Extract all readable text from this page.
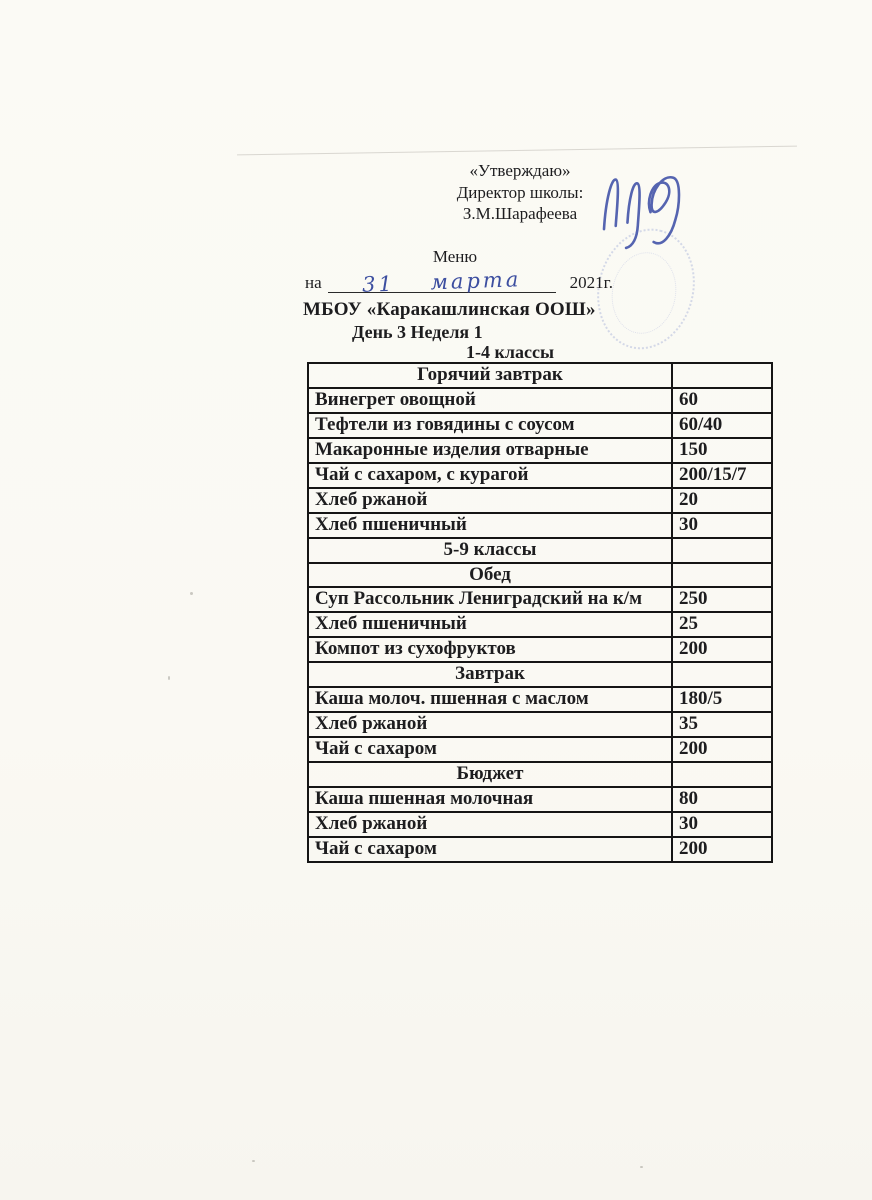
«Утверждаю»
Директор школы:
З.М.Шарафеева
Меню
на 31 марта	2021г.
МБОУ «Каракашлинская ООШ»
День 3 Неделя 1
1-4 классы
Горячий завтрак	
Винегрет овощной	60
Тефтели из говядины с соусом	60/40
Макаронные изделия отварные	150
Чай с сахаром, с курагой	200/15/7
Хлеб ржаной	20
Хлеб пшеничный	30
5-9 классы	
Обед	
Суп Рассольник Лениградский на к/м	250
Хлеб пшеничный	25
Компот из сухофруктов	200
Завтрак	
Каша молоч. пшенная с маслом	180/5
Хлеб ржаной	35
Чай с сахаром	200
Бюджет	
Каша пшенная молочная	80
Хлеб ржаной	30
Чай с сахаром	200
